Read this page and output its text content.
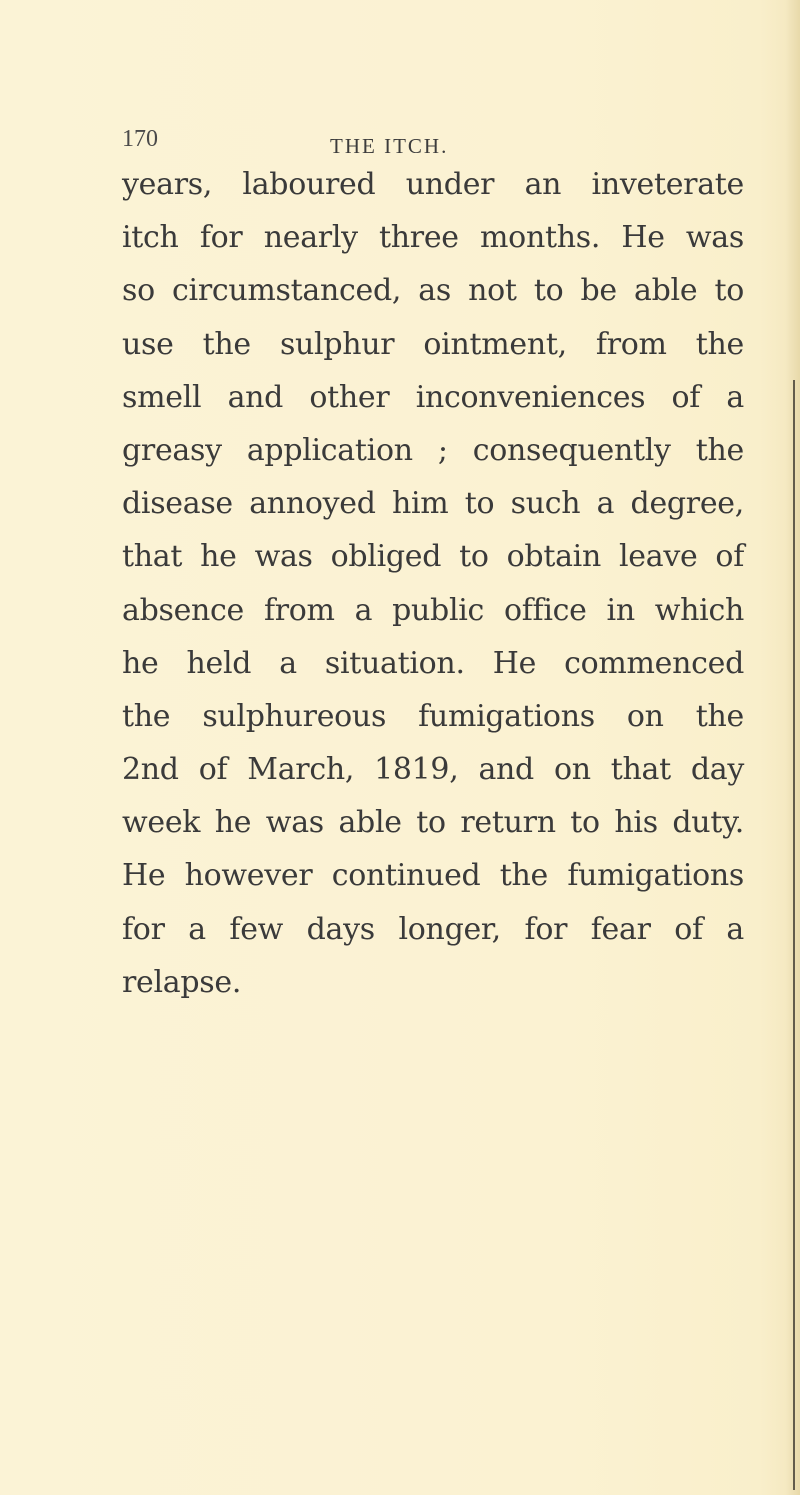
170	THE ITCH.
years, laboured under an inveterate
itch for nearly three months. He was
so circumstanced, as not to be able to
use the sulphur ointment, from the
smell and other inconveniences of a
greasy application ; consequently the
disease annoyed him to such a degree,
that he was obliged to obtain leave of
absence from a public office in which
he held a situation. He commenced
the sulphureous fumigations on the
2nd of March, 1819, and on that day
week he was able to return to his duty.
He however continued the fumigations
for a few days longer, for fear of a
relapse.
